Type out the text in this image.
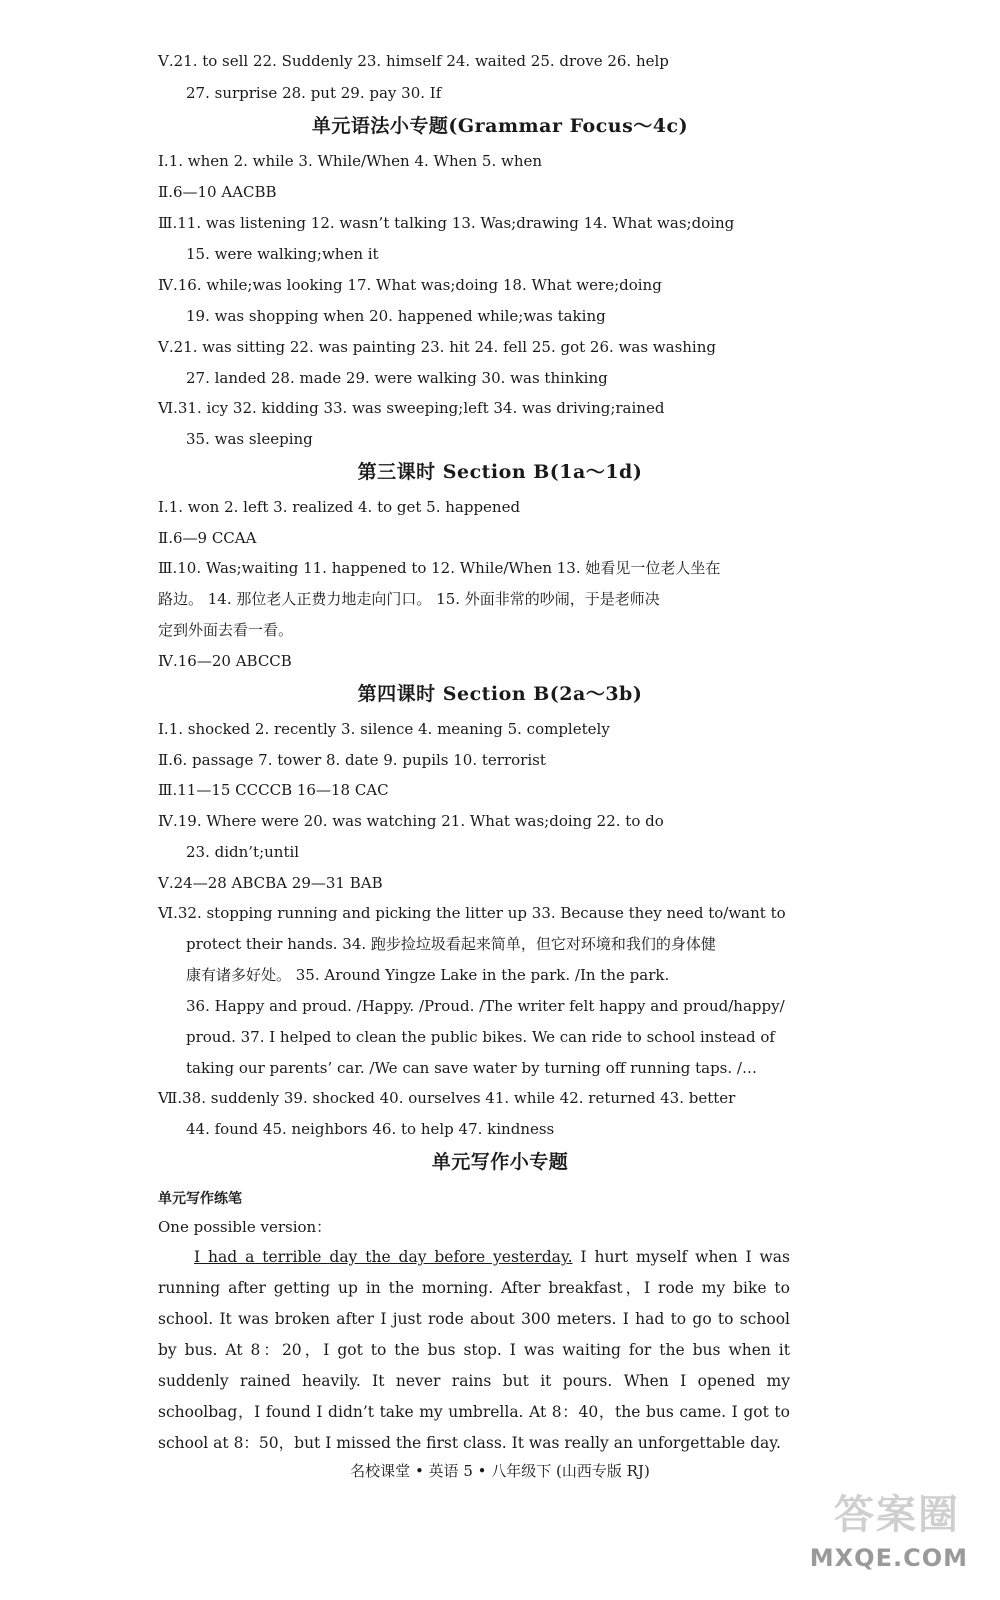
Ⅴ.21. to sell 22. Suddenly 23. himself 24. waited 25. drove 26. help
27. surprise 28. put 29. pay 30. If
单元语法小专题(Grammar Focus～4c)
Ⅰ.1. when 2. while 3. While/When 4. When 5. when
Ⅱ.6—10 AACBB
Ⅲ.11. was listening 12. wasn’t talking 13. Was;drawing 14. What was;doing
15. were walking;when it
Ⅳ.16. while;was looking 17. What was;doing 18. What were;doing
19. was shopping when 20. happened while;was taking
Ⅴ.21. was sitting 22. was painting 23. hit 24. fell 25. got 26. was washing
27. landed 28. made 29. were walking 30. was thinking
Ⅵ.31. icy 32. kidding 33. was sweeping;left 34. was driving;rained
35. was sleeping
第三课时 Section B(1a～1d)
Ⅰ.1. won 2. left 3. realized 4. to get 5. happened
Ⅱ.6—9 CCAA
Ⅲ.10. Was;waiting 11. happened to 12. While/When 13. 她看见一位老人坐在
路边。 14. 那位老人正费力地走向门口。 15. 外面非常的吵闹，于是老师决
定到外面去看一看。
Ⅳ.16—20 ABCCB
第四课时 Section B(2a～3b)
Ⅰ.1. shocked 2. recently 3. silence 4. meaning 5. completely
Ⅱ.6. passage 7. tower 8. date 9. pupils 10. terrorist
Ⅲ.11—15 CCCCB 16—18 CAC
Ⅳ.19. Where were 20. was watching 21. What was;doing 22. to do
23. didn’t;until
Ⅴ.24—28 ABCBA 29—31 BAB
Ⅵ.32. stopping running and picking the litter up 33. Because they need to/want to
protect their hands. 34. 跑步捡垃圾看起来简单，但它对环境和我们的身体健
康有诸多好处。 35. Around Yingze Lake in the park. /In the park.
36. Happy and proud. /Happy. /Proud. /The writer felt happy and proud/happy/
proud. 37. I helped to clean the public bikes. We can ride to school instead of
taking our parents’ car. /We can save water by turning off running taps. /…
Ⅶ.38. suddenly 39. shocked 40. ourselves 41. while 42. returned 43. better
44. found 45. neighbors 46. to help 47. kindness
单元写作小专题
单元写作练笔
One possible version：
I had a terrible day the day before yesterday. I hurt myself when I was running after getting up in the morning. After breakfast，I rode my bike to school. It was broken after I just rode about 300 meters. I had to go to school by bus. At 8：20，I got to the bus stop. I was waiting for the bus when it suddenly rained heavily. It never rains but it pours. When I opened my schoolbag，I found I didn’t take my umbrella. At 8：40，the bus came. I got to school at 8：50，but I missed the first class. It was really an unforgettable day.
名校课堂 • 英语 5 • 八年级下 (山西专版 RJ)
答案圈
MXQE.COM
